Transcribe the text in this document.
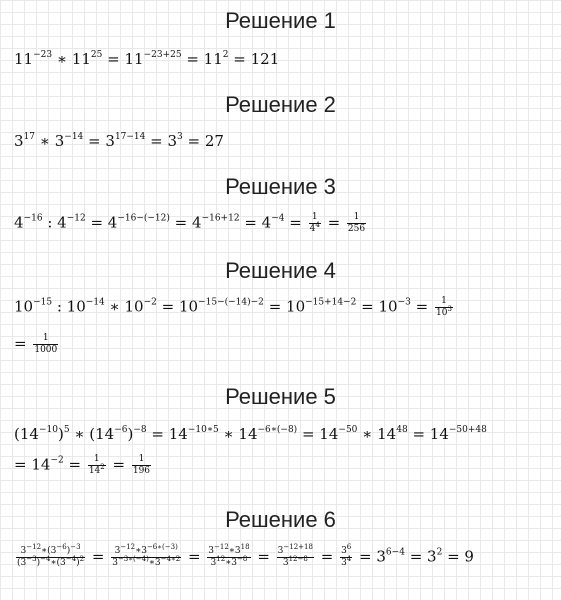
Решение 1
$11^{-23}$ ∗ $11^{25} = 11^{-23+25} = 11^2 = 121$
Решение 2
$3^{17}$ ∗ $3^{-14} = 3^{17-14} = 3^3 = 27$
Решение 3
$4^{-16}$ : $4^{-12} = 4^{-16-(-12)} = 4^{-16+12} = 4^{-4} = \frac{1}{4^4} = \frac{1}{256}$
Решение 4
$10^{-15}$ : $10^{-14}$ ∗ $10^{-2} = 10^{-15-(-14)-2} = 10^{-15+14-2} = 10^{-3} = \frac{1}{10^3}$
= $\frac{1}{1000}$
Решение 5
$(14^{-10})^5$ ∗ $(14^{-6})^{-8} = 14^{-10∗5}$ ∗ $14^{-6∗(-8)} = 14^{-50}$ ∗ $14^{48} = 14^{-50+48}$
= $14^{-2} = \frac{1}{14^2} = \frac{1}{196}$
Решение 6
$\frac{3^{-12}∗(3^{-6})^{-3}}{(3^{-3})^{-4}∗(3^{-4})^2} = \frac{3^{-12}∗3^{-6∗(-3)}}{3^{-3∗(-4)}∗3^{-4∗2}} = \frac{3^{-12}∗3^{18}}{3^{12}∗3^{-8}} = \frac{3^{-12+18}}{3^{12-8}} = \frac{3^6}{3^4} = 3^{6-4} = 3^2 = 9$
